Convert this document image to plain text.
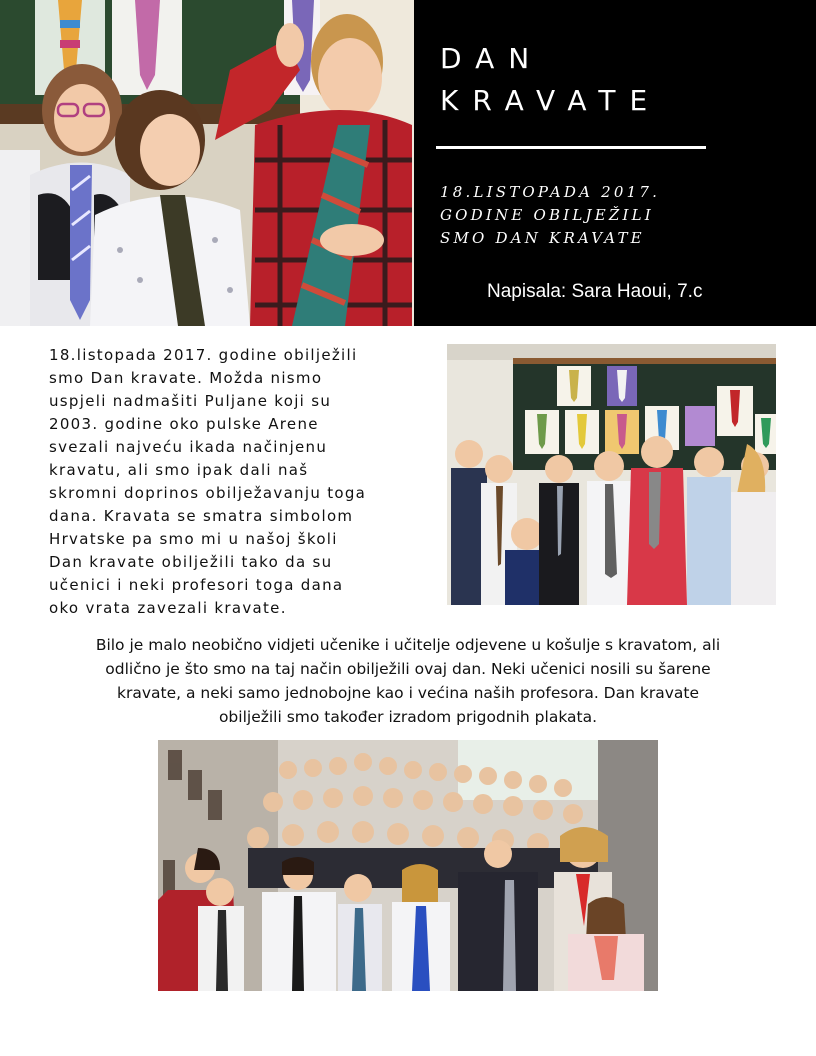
DAN
KRAVATE
18.LISTOPADA 2017.
GODINE OBILJEŽILI
SMO DAN KRAVATE
Napisala: Sara Haoui, 7.c
18.listopada 2017. godine obilježili
smo Dan kravate. Možda nismo
uspjeli nadmašiti Puljane koji su
2003. godine oko pulske Arene
svezali najveću ikada načinjenu
kravatu, ali smo ipak dali naš
skromni doprinos obilježavanju toga
dana. Kravata se smatra simbolom
Hrvatske pa smo mi u našoj školi
Dan kravate obilježili tako da su
učenici i neki profesori toga dana
oko vrata zavezali kravate.
Bilo je malo neobično vidjeti učenike i učitelje odjevene u košulje s kravatom, ali
odlično je što smo na taj način obilježili ovaj dan. Neki učenici nosili su šarene
kravate, a neki samo jednobojne kao i većina naših profesora. Dan kravate
obilježili smo također izradom prigodnih plakata.
